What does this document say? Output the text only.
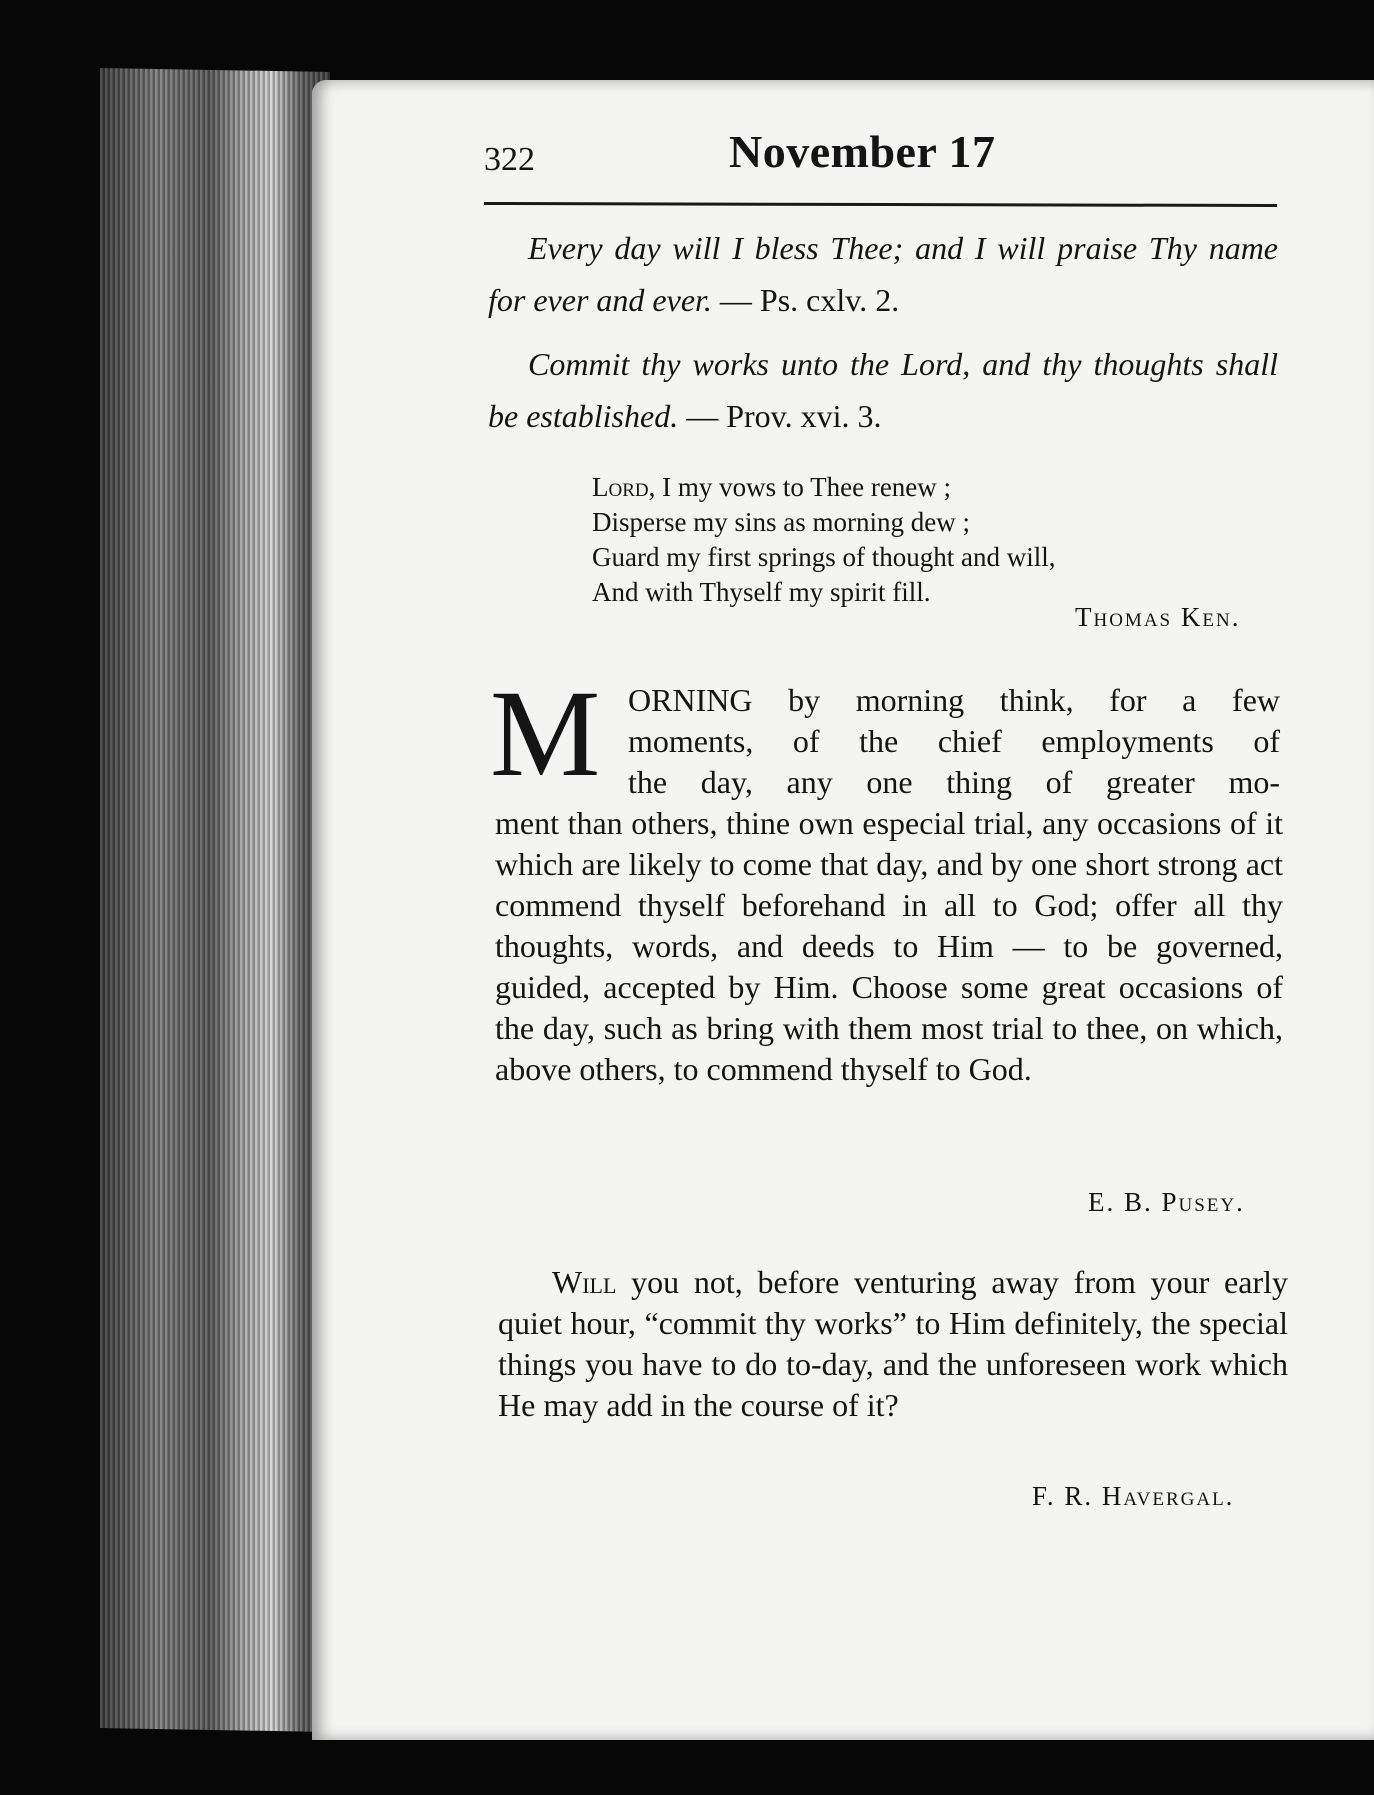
322	November 17
Every day will I bless Thee; and I will praise Thy name for ever and ever. — Ps. cxlv. 2.
Commit thy works unto the Lord, and thy thoughts shall be established. — Prov. xvi. 3.
Lord, I my vows to Thee renew ;
Disperse my sins as morning dew ;
Guard my first springs of thought and will,
And with Thyself my spirit fill.
Thomas Ken.
M ORNING by morning think, for a few
moments, of the chief employments of
the day, any one thing of greater mo-
ment than others, thine own especial trial, any occasions of it which are likely to come that day, and by one short strong act commend thyself beforehand in all to God; offer all thy thoughts, words, and deeds to Him — to be governed, guided, accepted by Him. Choose some great occasions of the day, such as bring with them most trial to thee, on which, above others, to commend thyself to God.
E. B. Pusey.
Will you not, before venturing away from your early quiet hour, “commit thy works” to Him definitely, the special things you have to do to-day, and the unforeseen work which He may add in the course of it?
F. R. Havergal.
